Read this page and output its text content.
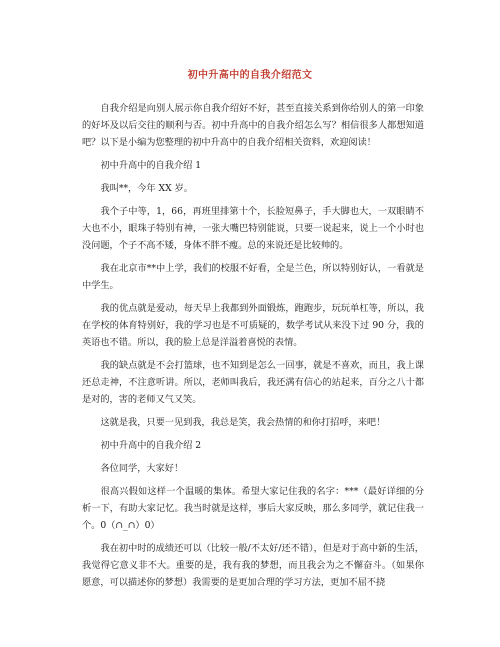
初中升高中的自我介绍范文

自我介绍是向别人展示你自我介绍好不好，甚至直接关系到你给别人的第一印象的好坏及以后交往的顺利与否。初中升高中的自我介绍怎么写？相信很多人都想知道吧？以下是小编为您整理的初中升高中的自我介绍相关资料，欢迎阅读！

初中升高中的自我介绍 1

我叫**，今年 XX 岁。

我个子中等，1，66，再班里排第十个，长脸短鼻子，手大脚也大，一双眼睛不大也不小，眼珠子特别有神，一张大嘴巴特别能说，只要一说起来，说上一个小时也没问题，个子不高不矮，身体不胖不瘦。总的来说还是比较帅的。

我在北京市**中上学，我们的校服不好看，全是兰色，所以特别好认，一看就是中学生。

我的优点就是爱动，每天早上我都到外面锻炼，跑跑步，玩玩单杠等，所以，我在学校的体育特别好，我的学习也是不可质疑的，数学考试从来没下过 90 分，我的英语也不错。所以，我的脸上总是洋溢着喜悦的表情。

我的缺点就是不会打篮球，也不知到是怎么一回事，就是不喜欢，而且，我上课还总走神，不注意听讲。所以，老师叫我后，我还满有信心的站起来，百分之八十都是对的，害的老师又气又笑。

这就是我，只要一见到我，我总是笑，我会热情的和你打招呼，来吧！

初中升高中的自我介绍 2

各位同学，大家好！

很高兴假如这样一个温暖的集体。希望大家记住我的名字：***（最好详细的分析一下，有助大家记忆。我当时就是这样，事后大家反映，那么多同学，就记住我一个。0（∩_∩）0）

我在初中时的成绩还可以（比较一般/不太好/还不错），但是对于高中新的生活，我觉得它意义非不大。重要的是，我有我的梦想，而且我会为之不懈奋斗。（如果你愿意，可以描述你的梦想）我需要的是更加合理的学习方法，更加不屈不挠
